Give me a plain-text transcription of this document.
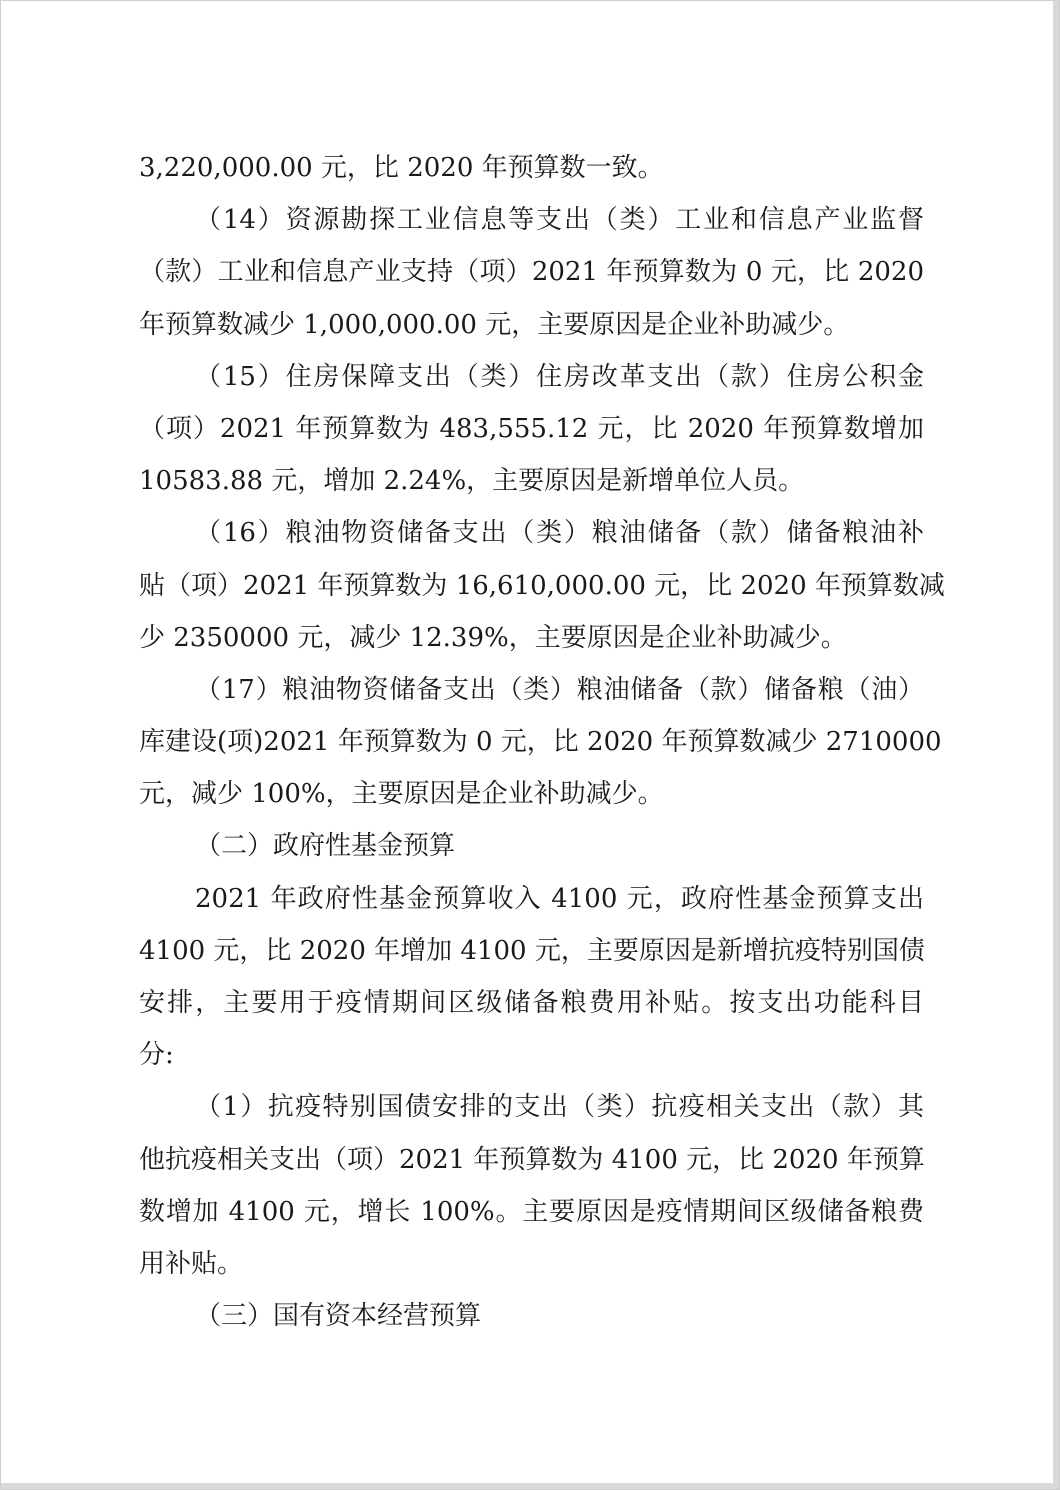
3,220,000.00 元，比 2020 年预算数一致。
（14）资源勘探工业信息等支出（类）工业和信息产业监督
（款）工业和信息产业支持（项）2021 年预算数为 0 元，比 2020
年预算数减少 1,000,000.00 元，主要原因是企业补助减少。
（15）住房保障支出（类）住房改革支出（款）住房公积金
（项）2021 年预算数为 483,555.12 元，比 2020 年预算数增加
10583.88 元，增加 2.24%，主要原因是新增单位人员。
（16）粮油物资储备支出（类）粮油储备（款）储备粮油补
贴（项）2021 年预算数为 16,610,000.00 元，比 2020 年预算数减
少 2350000 元，减少 12.39%，主要原因是企业补助减少。
（17）粮油物资储备支出（类）粮油储备（款）储备粮（油）
库建设(项)2021 年预算数为 0 元，比 2020 年预算数减少 2710000
元，减少 100%，主要原因是企业补助减少。
（二）政府性基金预算
2021 年政府性基金预算收入 4100 元，政府性基金预算支出
4100 元，比 2020 年增加 4100 元，主要原因是新增抗疫特别国债
安排，主要用于疫情期间区级储备粮费用补贴。按支出功能科目
分:
（1）抗疫特别国债安排的支出（类）抗疫相关支出（款）其
他抗疫相关支出（项）2021 年预算数为 4100 元，比 2020 年预算
数增加 4100 元，增长 100%。主要原因是疫情期间区级储备粮费
用补贴。
（三）国有资本经营预算
